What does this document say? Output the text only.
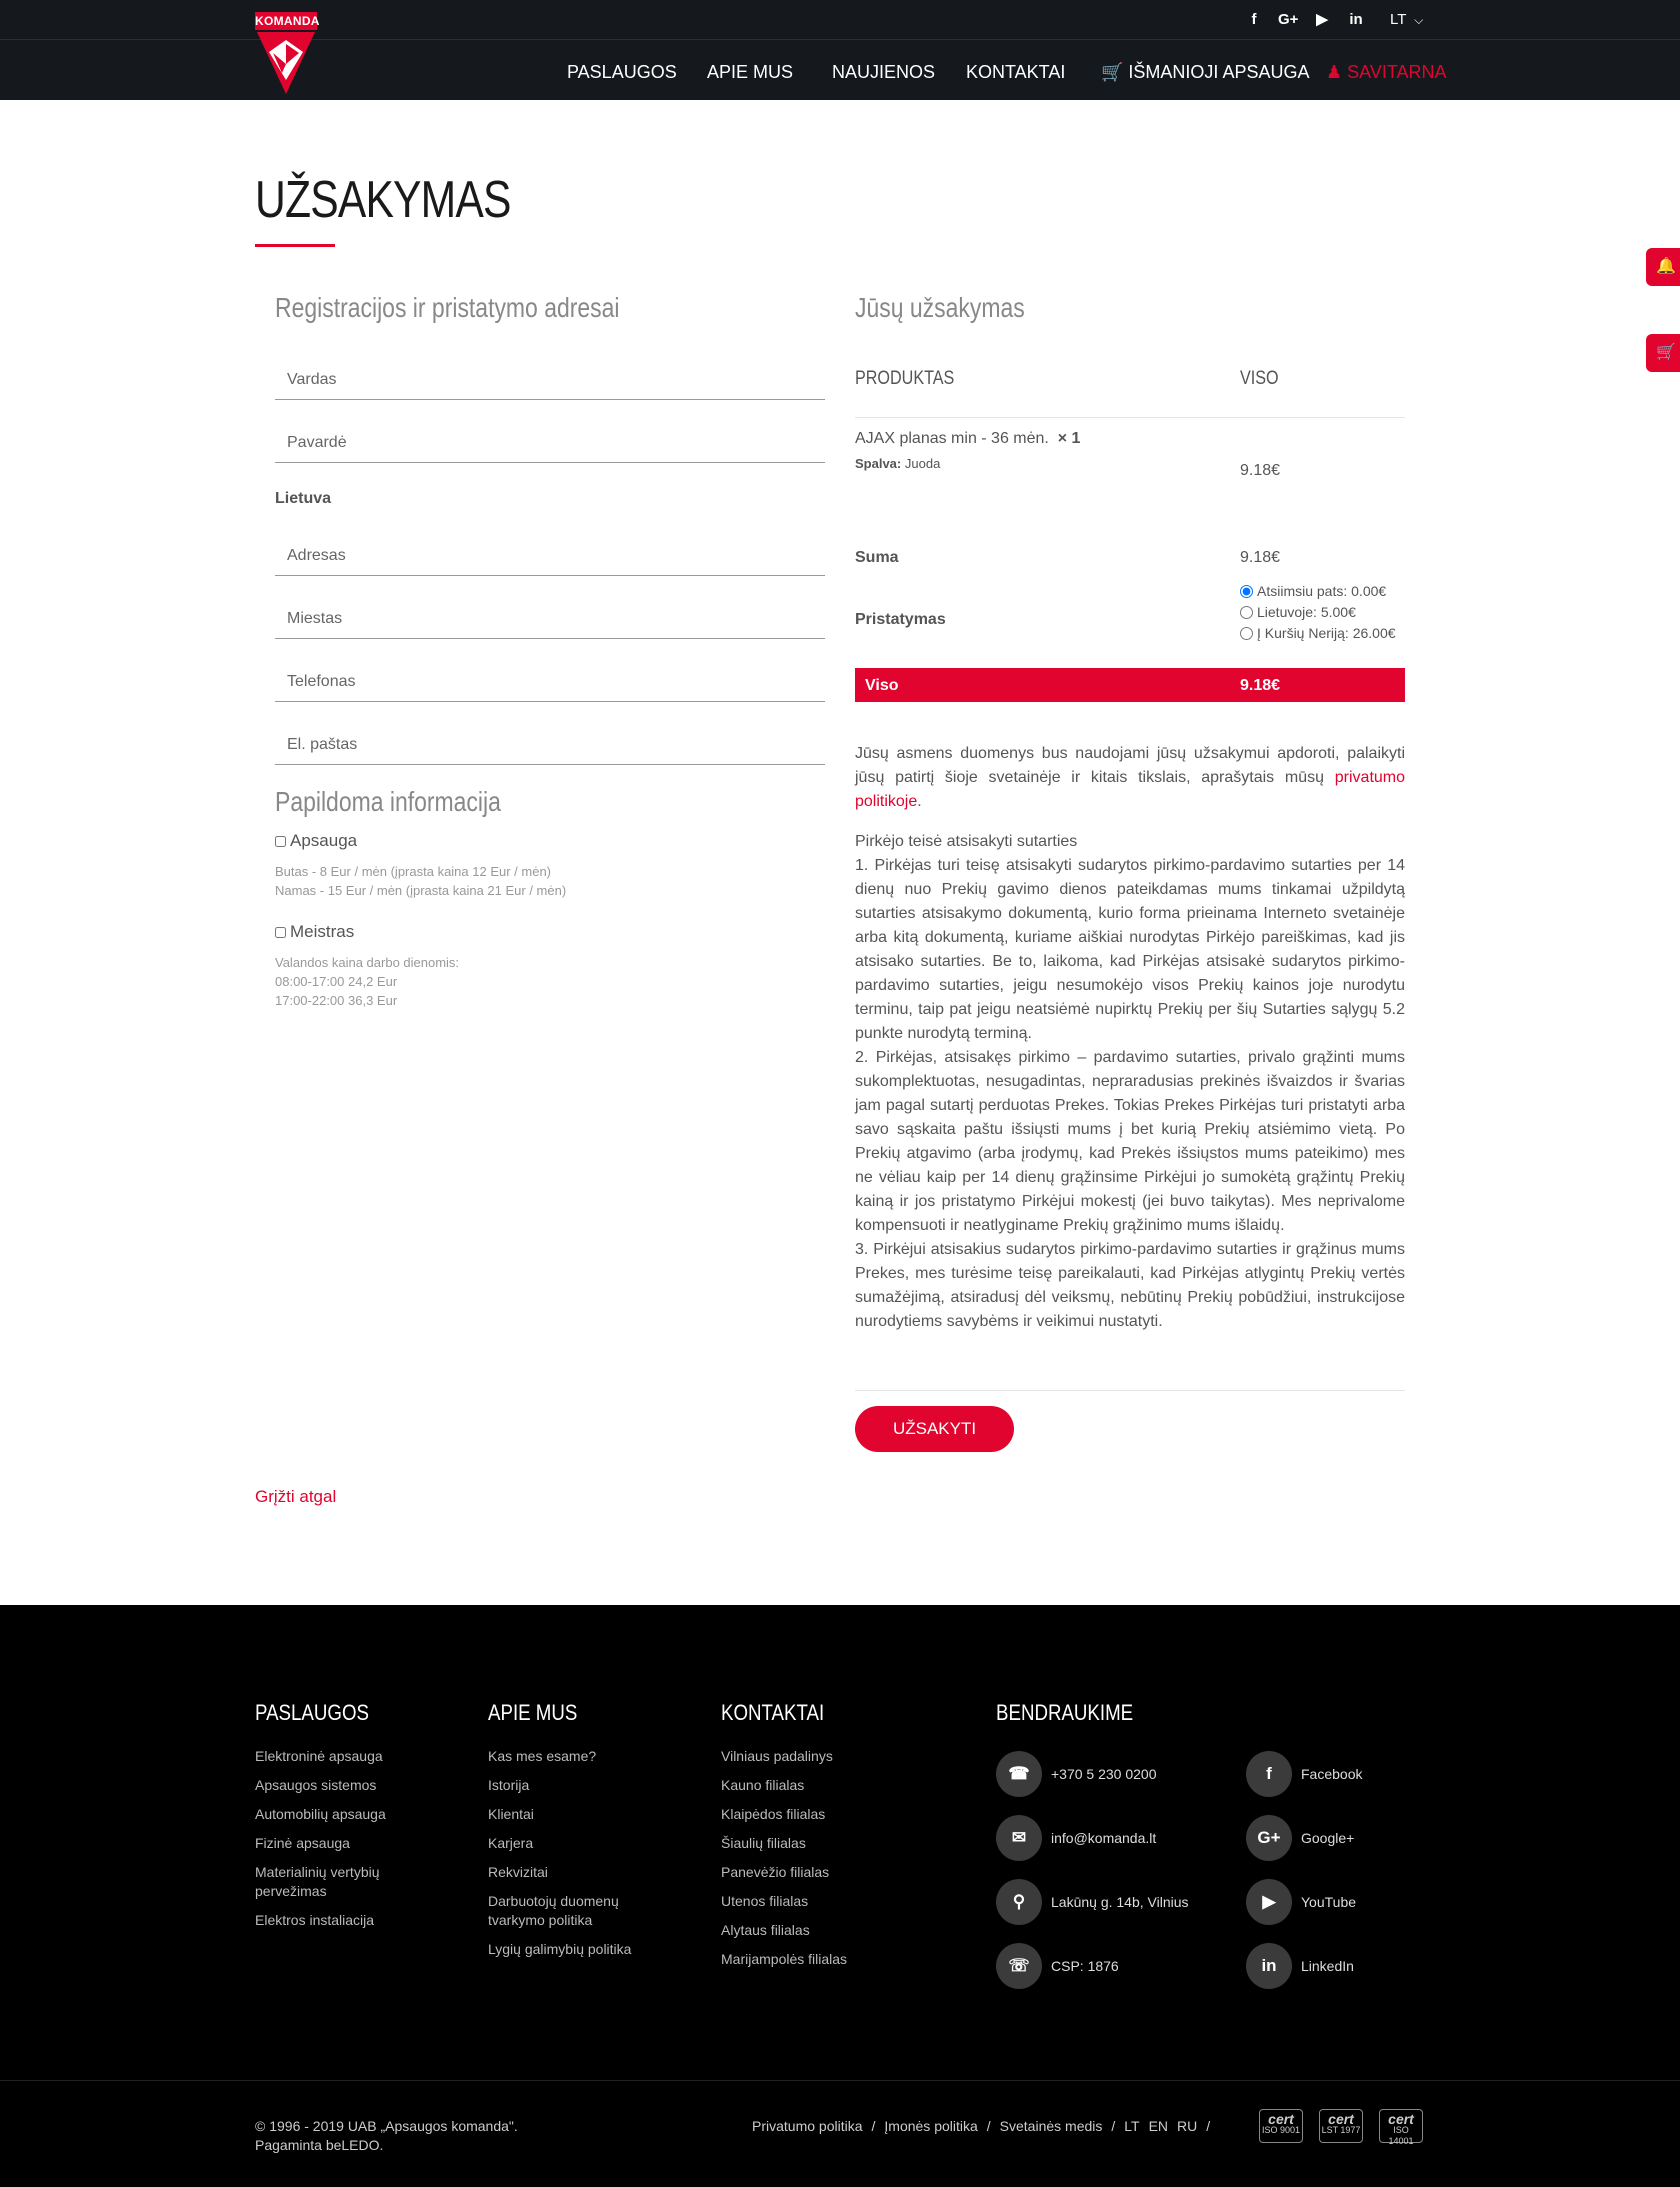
KOMANDA	f	G+ ▶ in LT ⌵
PASLAUGOS APIE MUS NAUJIENOS KONTAKTAI 🛒 IŠMANIOJI APSAUGA ♟ SAVITARNA
🔔
🛒
UŽSAKYMAS
Registracijos ir pristatymo adresai
Vardas
Pavardė
Lietuva
Adresas
Miestas
Telefonas
El. paštas
Papildoma informacija
Apsauga
Butas - 8 Eur / mėn (įprasta kaina 12 Eur / mėn)
Namas - 15 Eur / mėn (įprasta kaina 21 Eur / mėn)
Meistras
Valandos kaina darbo dienomis:
08:00-17:00 24,2 Eur
17:00-22:00 36,3 Eur
Jūsų užsakymas
PRODUKTAS	VISO
AJAX planas min - 36 mėn. × 1
Spalva: Juoda	9.18€
Suma	9.18€
Pristatymas
Atsiimsiu pats: 0.00€
Lietuvoje: 5.00€
Į Kuršių Neriją: 26.00€
Viso	9.18€
Jūsų asmens duomenys bus naudojami jūsų užsakymui apdoroti, palaikyti jūsų patirtį šioje svetainėje ir kitais tikslais, aprašytais mūsų privatumo politikoje.

Pirkėjo teisė atsisakyti sutarties

1. Pirkėjas turi teisę atsisakyti sudarytos pirkimo-pardavimo sutarties per 14 dienų nuo Prekių gavimo dienos pateikdamas mums tinkamai užpildytą sutarties atsisakymo dokumentą, kurio forma prieinama Interneto svetainėje arba kitą dokumentą, kuriame aiškiai nurodytas Pirkėjo pareiškimas, kad jis atsisako sutarties. Be to, laikoma, kad Pirkėjas atsisakė sudarytos pirkimo-pardavimo sutarties, jeigu nesumokėjo visos Prekių kainos joje nurodytu terminu, taip pat jeigu neatsiėmė nupirktų Prekių per šių Sutarties sąlygų 5.2 punkte nurodytą terminą.

2. Pirkėjas, atsisakęs pirkimo – pardavimo sutarties, privalo grąžinti mums sukomplektuotas, nesugadintas, nepraradusias prekinės išvaizdos ir švarias jam pagal sutartį perduotas Prekes. Tokias Prekes Pirkėjas turi pristatyti arba savo sąskaita paštu išsiųsti mums į bet kurią Prekių atsiėmimo vietą. Po Prekių atgavimo (arba įrodymų, kad Prekės išsiųstos mums pateikimo) mes ne vėliau kaip per 14 dienų grąžinsime Pirkėjui jo sumokėtą grąžintų Prekių kainą ir jos pristatymo Pirkėjui mokestį (jei buvo taikytas). Mes neprivalome kompensuoti ir neatlyginame Prekių grąžinimo mums išlaidų.

3. Pirkėjui atsisakius sudarytos pirkimo-pardavimo sutarties ir grąžinus mums Prekes, mes turėsime teisę pareikalauti, kad Pirkėjas atlygintų Prekių vertės sumažėjimą, atsiradusį dėl veiksmų, nebūtinų Prekių pobūdžiui, instrukcijose nurodytiems savybėms ir veikimui nustatyti.

UŽSAKYTI
Grįžti atgal
PASLAUGOS
Elektroninė apsauga
Apsaugos sistemos
Automobilių apsauga
Fizinė apsauga
Materialinių vertybių pervežimas
Elektros instaliacija
APIE MUS
Kas mes esame?
Istorija
Klientai
Karjera
Rekvizitai
Darbuotojų duomenų tvarkymo politika
Lygių galimybių politika
KONTAKTAI
Vilniaus padalinys
Kauno filialas
Klaipėdos filialas
Šiaulių filialas
Panevėžio filialas
Utenos filialas
Alytaus filialas
Marijampolės filialas
BENDRAUKIME
☎	+370 5 230 0200
✉	info@komanda.lt
⚲	Lakūnų g. 14b, Vilnius
☏	CSP: 1876
f	Facebook
G+	Google+
▶	YouTube
in	LinkedIn
© 1996 - 2019 UAB „Apsaugos komanda".
Pagaminta beLEDO.
Privatumo politika / Įmonės politika / Svetainės medis / LT EN RU /	cert
ISO 9001
cert
LST 1977
cert
ISO 14001
